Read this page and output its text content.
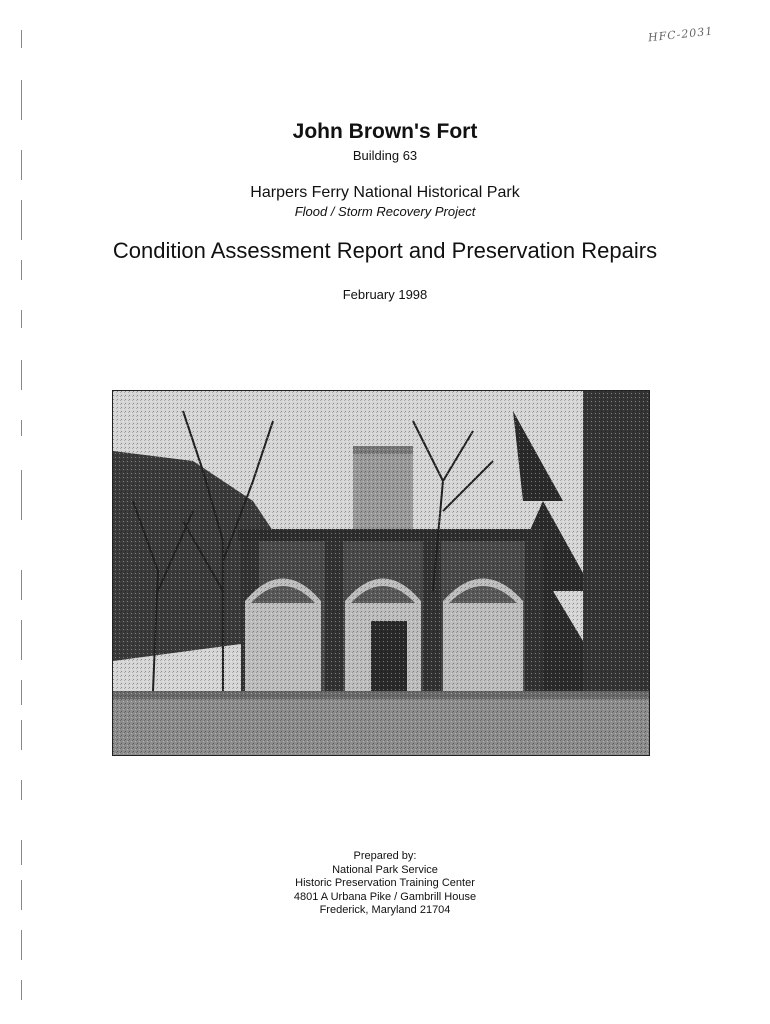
HFC-2031
John Brown's Fort
Building 63
Harpers Ferry National Historical Park
Flood / Storm Recovery Project
Condition Assessment Report and Preservation Repairs
February 1998
Prepared by:
National Park Service
Historic Preservation Training Center
4801 A Urbana Pike / Gambrill House
Frederick, Maryland 21704
